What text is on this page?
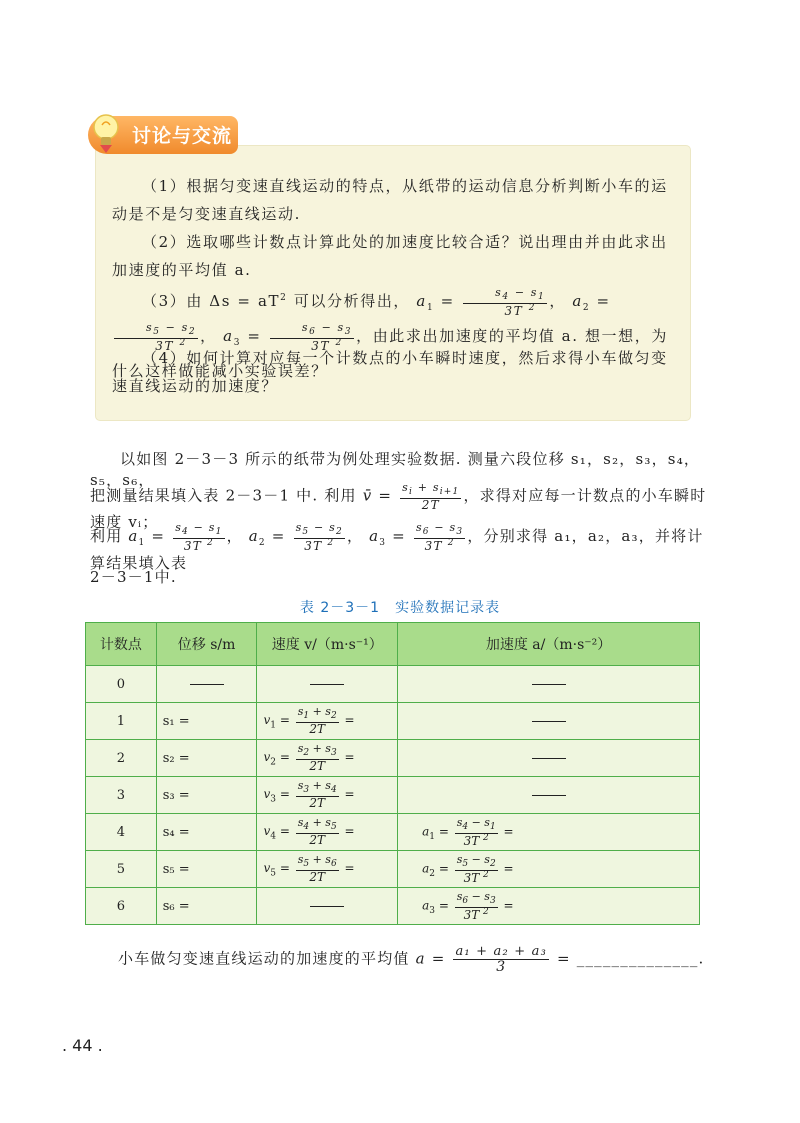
讨论与交流
（1）根据匀变速直线运动的特点，从纸带的运动信息分析判断小车的运动是不是匀变速直线运动.
（2）选取哪些计数点计算此处的加速度比较合适？说出理由并由此求出加速度的平均值 a.
（3）由 $\Delta s = aT^2$ 可以分析得出， $a_1 = \frac{s_4 - s_1}{3T ^2}$ ， $a_2$ =
$\frac{s_5 - s_2}{3T ^2}$ ， $a_3 = \frac{s_6 - s_3}{3T ^2}$ ，由此求出加速度的平均值 a. 想一想，为什么这样做能减小实验误差？
（4）如何计算对应每一个计数点的小车瞬时速度，然后求得小车做匀变速直线运动的加速度？
以如图 2－3－3 所示的纸带为例处理实验数据. 测量六段位移 s₁，s₂，s₃，s₄，s₅，s₆，
把测量结果填入表 2－3－1 中. 利用 v̄ = $\frac{s_i + s_{i+1}}{2T}$ ，求得对应每一计数点的小车瞬时速度 vᵢ；
利用 $a_1 = \frac{s_4 - s_1}{3T ^2}$ ， $a_2 = \frac{s_5 - s_2}{3T ^2}$ ， $a_3 = \frac{s_6 - s_3}{3T ^2}$ ，分别求得 a₁，a₂，a₃，并将计算结果填入表
2－3－1中.
表 2－3－1　实验数据记录表
计数点	位移 s/m	速度 v/（m·s⁻¹）	加速度 a/（m·s⁻²）
0			
1	s₁ =	$v_1 = \frac{s_1 + s_2}{2T}$ =	
2	s₂ =	$v_2 = \frac{s_2 + s_3}{2T}$ =	
3	s₃ =	$v_3 = \frac{s_3 + s_4}{2T}$ =	
4	s₄ =	$v_4 = \frac{s_4 + s_5}{2T}$ =	$a_1 = \frac{s_4 - s_1}{3T ^2}$ =
5	s₅ =	$v_5 = \frac{s_5 + s_6}{2T}$ =	$a_2 = \frac{s_5 - s_2}{3T ^2}$ =
6	s₆ =		$a_3 = \frac{s_6 - s_3}{3T ^2}$ =
小车做匀变速直线运动的加速度的平均值 $a = \frac{\text{a₁ + a₂ + a₃}}{3}$ = ______________.
. 44 .
